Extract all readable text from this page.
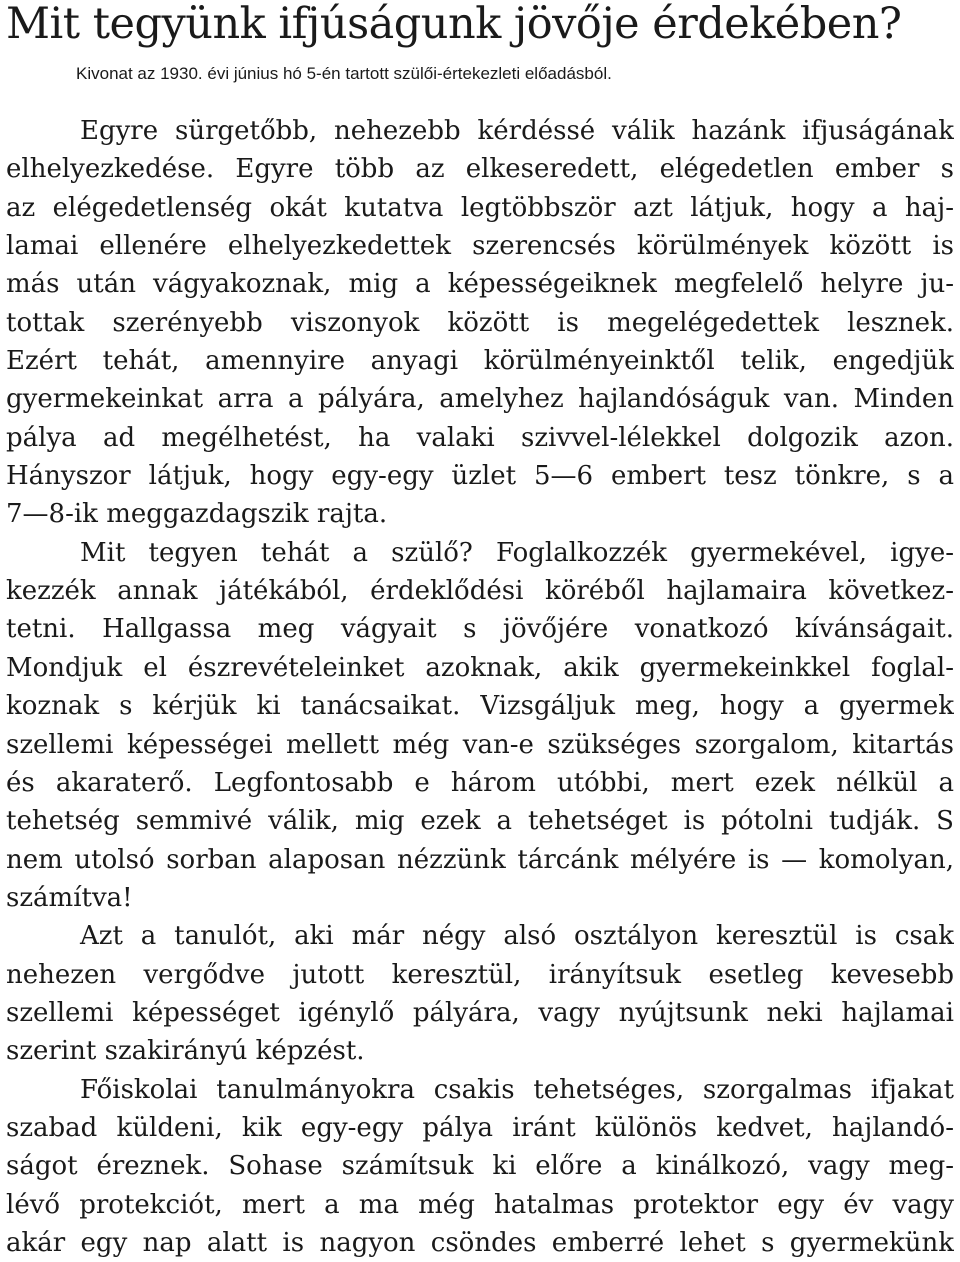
Mit tegyünk ifjúságunk jövője érdekében?

Kivonat az 1930. évi június hó 5-én tartott szülői-értekezleti előadásból.

Egyre sürgetőbb, nehezebb kérdéssé válik hazánk ifjuságának
elhelyezkedése. Egyre több az elkeseredett, elégedetlen ember s
az elégedetlenség okát kutatva legtöbbször azt látjuk, hogy a haj-
lamai ellenére elhelyezkedettek szerencsés körülmények között is
más után vágyakoznak, mig a képességeiknek megfelelő helyre ju-
tottak szerényebb viszonyok között is megelégedettek lesznek.
Ezért tehát, amennyire anyagi körülményeinktől telik, engedjük
gyermekeinkat arra a pályára, amelyhez hajlandóságuk van. Minden
pálya ad megélhetést, ha valaki szivvel-lélekkel dolgozik azon.
Hányszor látjuk, hogy egy-egy üzlet 5—6 embert tesz tönkre, s a
7—8-ik meggazdagszik rajta.
Mit tegyen tehát a szülő? Foglalkozzék gyermekével, igye-
kezzék annak játékából, érdeklődési köréből hajlamaira következ-
tetni. Hallgassa meg vágyait s jövőjére vonatkozó kívánságait.
Mondjuk el észrevételeinket azoknak, akik gyermekeinkkel foglal-
koznak s kérjük ki tanácsaikat. Vizsgáljuk meg, hogy a gyermek
szellemi képességei mellett még van-e szükséges szorgalom, kitartás
és akaraterő. Legfontosabb e három utóbbi, mert ezek nélkül a
tehetség semmivé válik, mig ezek a tehetséget is pótolni tudják. S
nem utolsó sorban alaposan nézzünk tárcánk mélyére is — komolyan,
számítva!
Azt a tanulót, aki már négy alsó osztályon keresztül is csak
nehezen vergődve jutott keresztül, irányítsuk esetleg kevesebb
szellemi képességet igénylő pályára, vagy nyújtsunk neki hajlamai
szerint szakirányú képzést.
Főiskolai tanulmányokra csakis tehetséges, szorgalmas ifjakat
szabad küldeni, kik egy-egy pálya iránt különös kedvet, hajlandó-
ságot éreznek. Sohase számítsuk ki előre a kinálkozó, vagy meg-
lévő protekciót, mert a ma még hatalmas protektor egy év vagy
akár egy nap alatt is nagyon csöndes emberré lehet s gyermekünk
